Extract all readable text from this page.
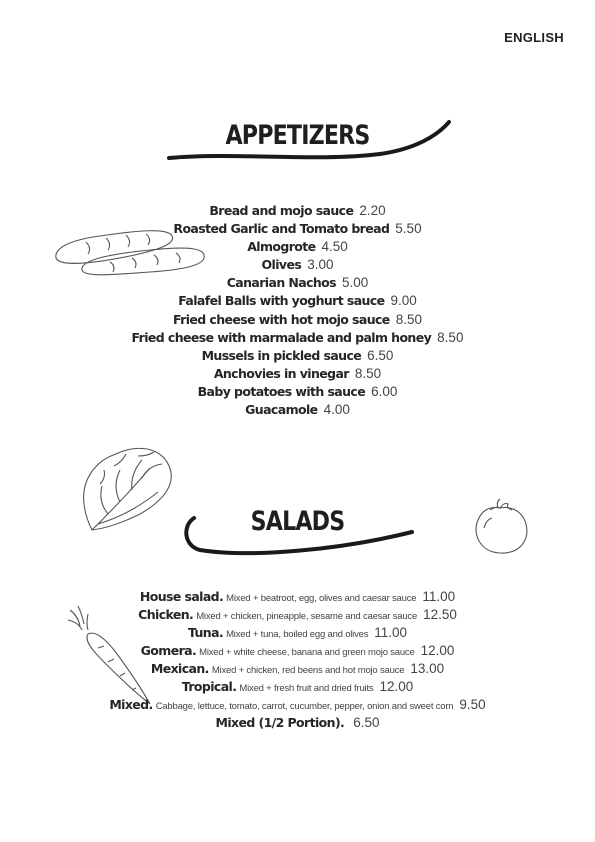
ENGLISH
APPETIZERS
Bread and mojo sauce 2.20
Roasted Garlic and Tomato bread 5.50
Almogrote 4.50
Olives 3.00
Canarian Nachos 5.00
Falafel Balls with yoghurt sauce 9.00
Fried cheese with hot mojo sauce 8.50
Fried cheese with marmalade and palm honey 8.50
Mussels in pickled sauce 6.50
Anchovies in vinegar 8.50
Baby potatoes with sauce 6.00
Guacamole 4.00
SALADS
House salad. Mixed + beatroot, egg, olives and caesar sauce 11.00
Chicken. Mixed + chicken, pineapple, sesame and caesar sauce 12.50
Tuna. Mixed + tuna, boiled egg and olives 11.00
Gomera. Mixed + white cheese, banana and green mojo sauce 12.00
Mexican. Mixed + chicken, red beens and hot mojo sauce 13.00
Tropical. Mixed + fresh fruit and dried fruits 12.00
Mixed. Cabbage, lettuce, tomato, carrot, cucumber, pepper, onion and sweet corn 9.50
Mixed (1/2 Portion). 6.50
